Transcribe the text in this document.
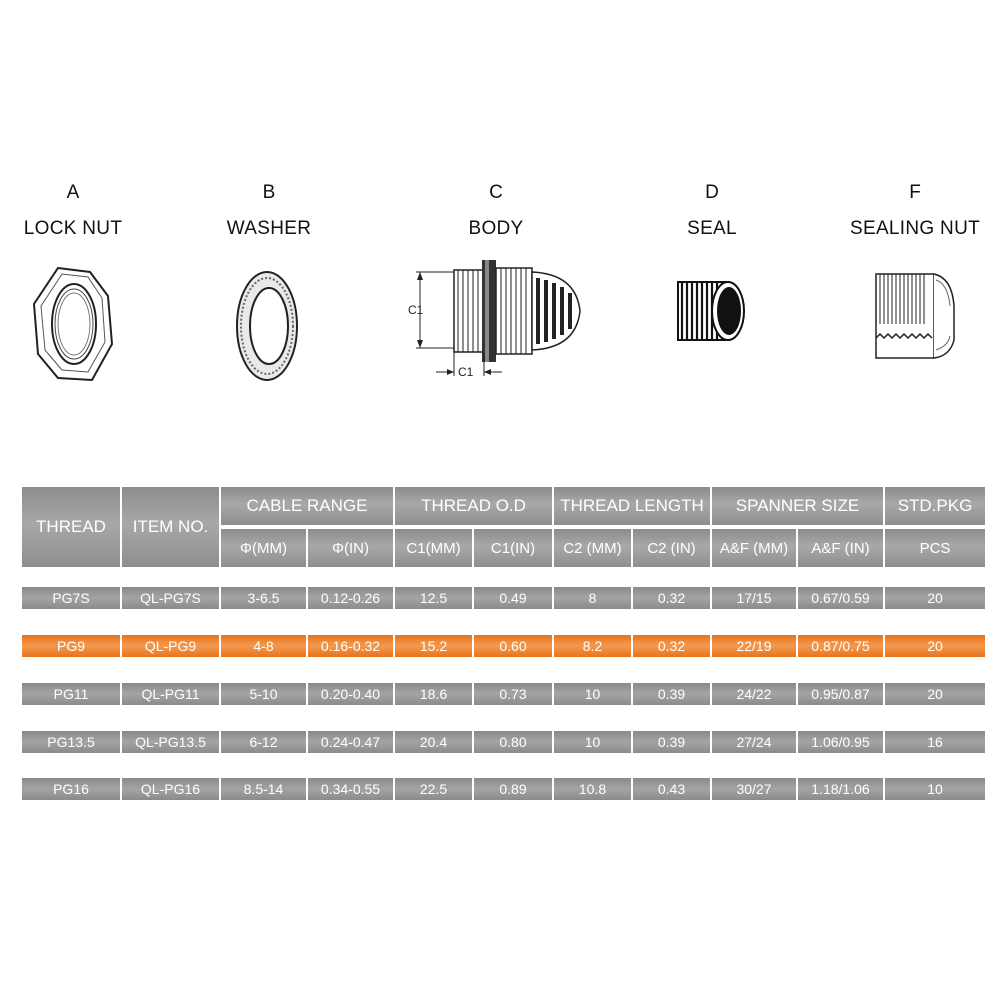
A
LOCK NUT
B
WASHER
C
BODY
C1
C1
D
SEAL
F
SEALING NUT
THREAD	ITEM NO.
CABLE RANGE	THREAD O.D	THREAD LENGTH	SPANNER SIZE	STD.PKG
Φ(MM)	Φ(IN)	C1(MM)	C1(IN)	C2 (MM)	C2 (IN)	A&F (MM)	A&F (IN)	PCS
PG7S	QL-PG7S	3-6.5	0.12-0.26	12.5	0.49	8	0.32	17/15	0.67/0.59	20
PG9	QL-PG9	4-8	0.16-0.32	15.2	0.60	8.2	0.32	22/19	0.87/0.75	20
PG11	QL-PG11	5-10	0.20-0.40	18.6	0.73	10	0.39	24/22	0.95/0.87	20
PG13.5	QL-PG13.5	6-12	0.24-0.47	20.4	0.80	10	0.39	27/24	1.06/0.95	16
PG16	QL-PG16	8.5-14	0.34-0.55	22.5	0.89	10.8	0.43	30/27	1.18/1.06	10
